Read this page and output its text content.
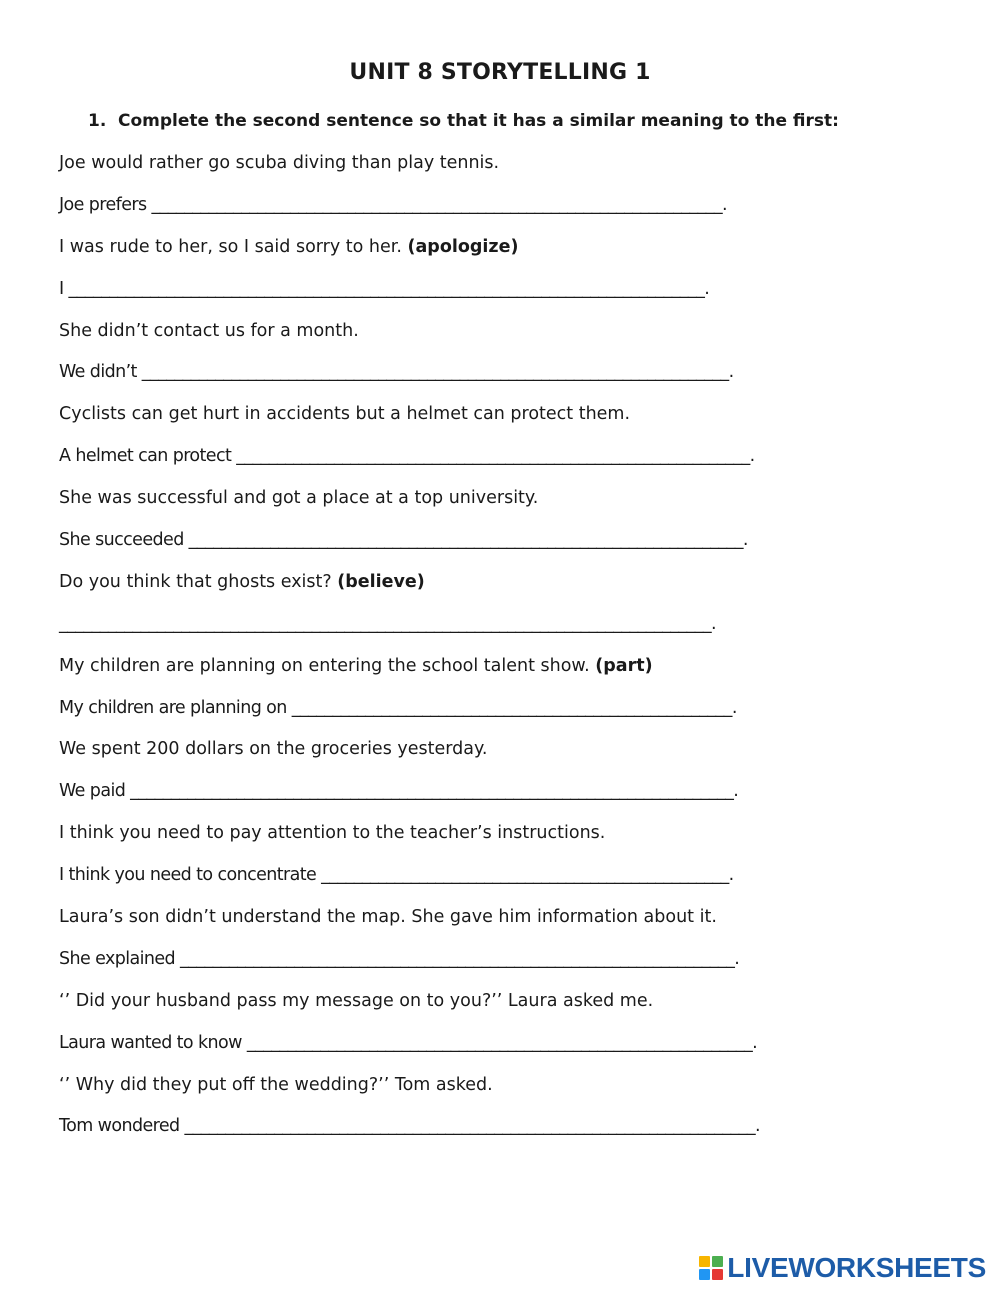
UNIT 8 STORYTELLING 1
1. Complete the second sentence so that it has a similar meaning to the first:
Joe would rather go scuba diving than play tennis.
Joe prefers ______________________________________________________________________.
I was rude to her, so I said sorry to her. (apologize)
I ______________________________________________________________________________.
She didn’t contact us for a month.
We didn’t ________________________________________________________________________.
Cyclists can get hurt in accidents but a helmet can protect them.
A helmet can protect _______________________________________________________________.
She was successful and got a place at a top university.
She succeeded ____________________________________________________________________.
Do you think that ghosts exist? (believe)
________________________________________________________________________________.
My children are planning on entering the school talent show. (part)
My children are planning on ______________________________________________________.
We spent 200 dollars on the groceries yesterday.
We paid __________________________________________________________________________.
I think you need to pay attention to the teacher’s instructions.
I think you need to concentrate __________________________________________________.
Laura’s son didn’t understand the map. She gave him information about it.
She explained ____________________________________________________________________.
‘’ Did your husband pass my message on to you?’’ Laura asked me.
Laura wanted to know ______________________________________________________________.
‘’ Why did they put off the wedding?’’ Tom asked.
Tom wondered ______________________________________________________________________.
LIVEWORKSHEETS
